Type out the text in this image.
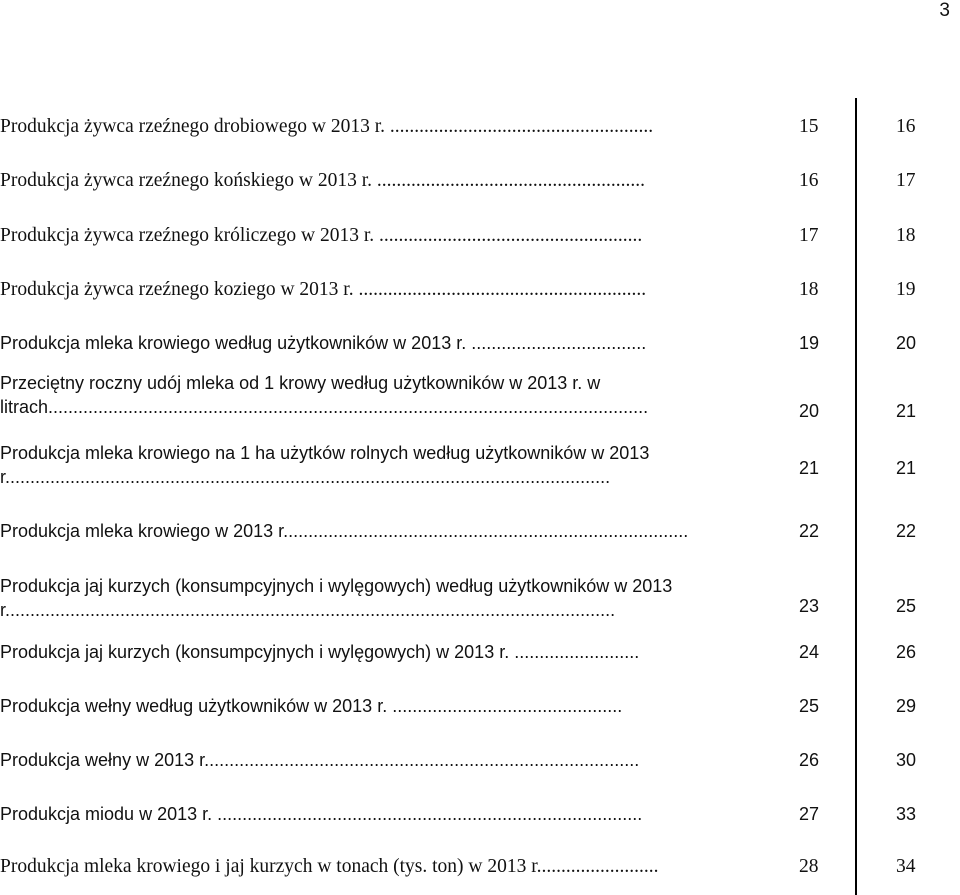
3
Produkcja żywca rzeźnego drobiowego w 2013 r. ......................................................	15	16
Produkcja żywca rzeźnego końskiego w 2013 r. .......................................................	16	17
Produkcja żywca rzeźnego króliczego w 2013 r. ......................................................	17	18
Produkcja żywca rzeźnego koziego w 2013 r. ...........................................................	18	19
Produkcja mleka krowiego według użytkowników w 2013 r. ...................................	19	20
Przeciętny roczny udój mleka od 1 krowy według użytkowników w 2013 r. w litrach........................................................................................................................	20	21
Produkcja mleka krowiego na 1 ha użytków rolnych według użytkowników w 2013 r.........................................................................................................................	21	21
Produkcja mleka krowiego w 2013 r.................................................................................	22	22
Produkcja jaj kurzych (konsumpcyjnych i wylęgowych) według użytkowników w 2013 r..........................................................................................................................	23	25
Produkcja jaj kurzych (konsumpcyjnych i wylęgowych) w 2013 r. .........................	24	26
Produkcja wełny według użytkowników w 2013 r. ..............................................	25	29
Produkcja wełny w 2013 r.......................................................................................	26	30
Produkcja miodu w 2013 r. .....................................................................................	27	33
Produkcja mleka krowiego i jaj kurzych w tonach (tys. ton) w 2013 r.........................	28	34
